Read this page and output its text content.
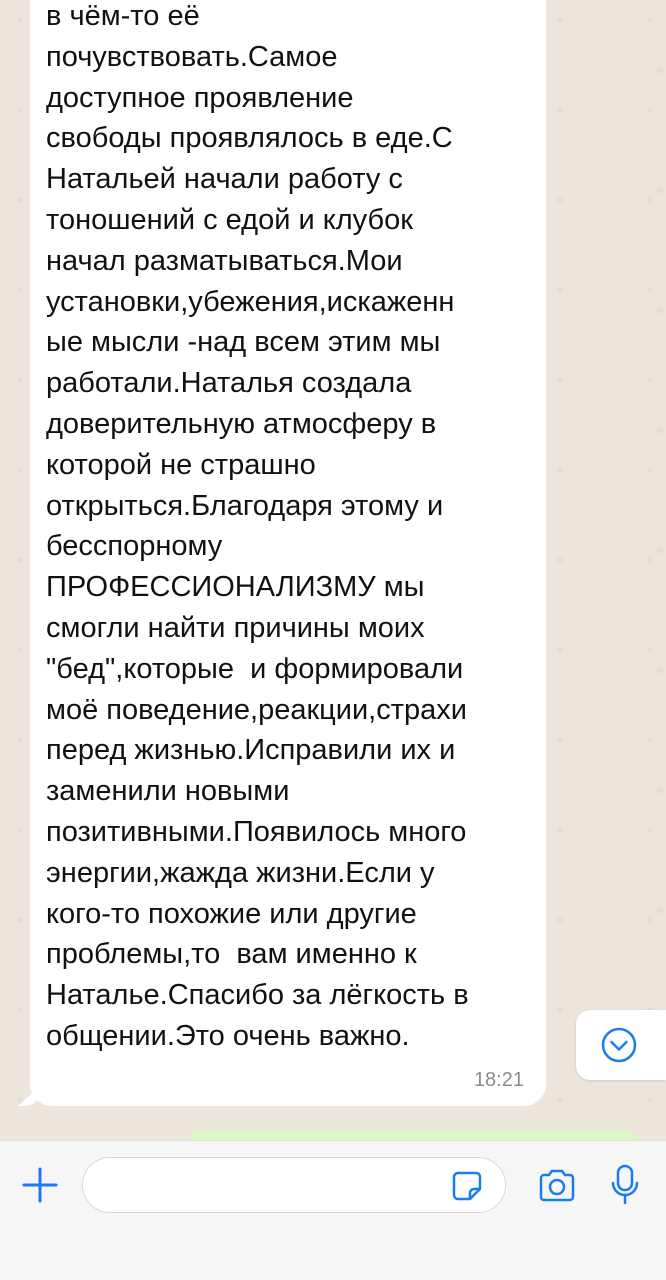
в чём-то её
почувствовать.Самое
доступное проявление
свободы проявлялось в еде.С
Натальей начали работу с
тоношений с едой и клубок
начал разматываться.Мои
установки,убежения,искаженн
ые мысли -над всем этим мы
работали.Наталья создала
доверительную атмосферу в
которой не страшно
открыться.Благодаря этому и
бесспорному
ПРОФЕССИОНАЛИЗМУ мы
смогли найти причины моих
"бед",которые  и формировали
моё поведение,реакции,страхи
перед жизнью.Исправили их и
заменили новыми
позитивными.Появилось много
энергии,жажда жизни.Если у
кого-то похожие или другие
проблемы,то  вам именно к
Наталье.Спасибо за лёгкость в
общении.Это очень важно.

18:21
